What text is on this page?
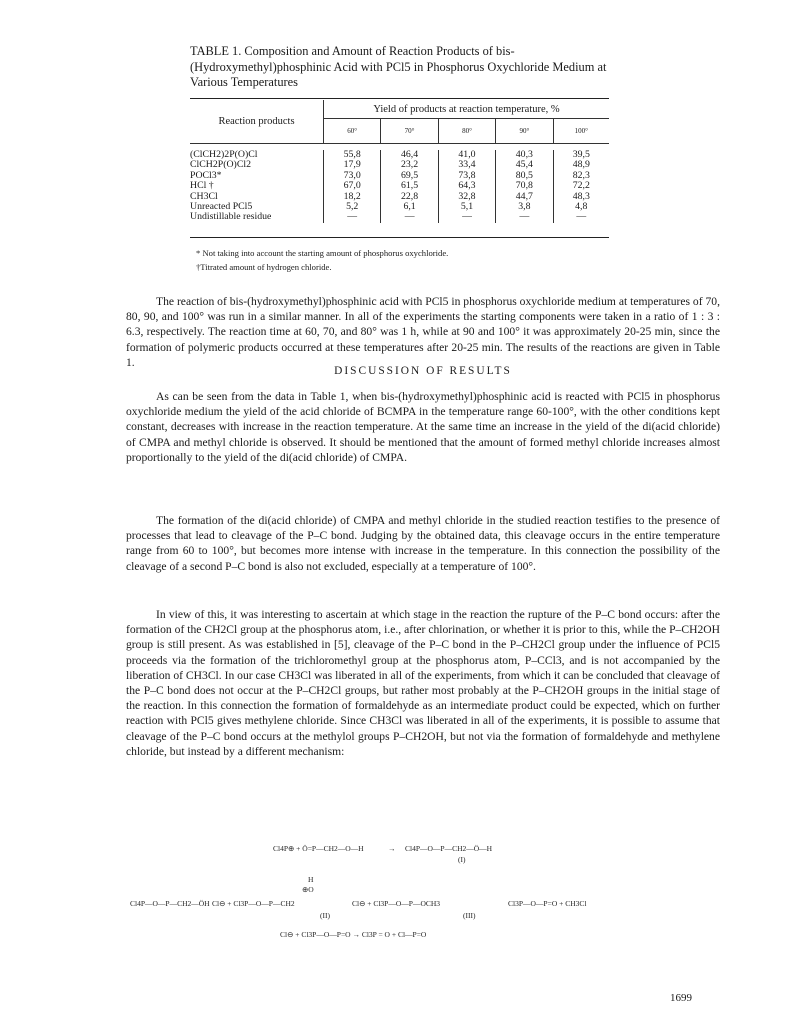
TABLE 1. Composition and Amount of Reaction Products of bis-(Hydroxymethyl)phosphinic Acid with PCl5 in Phosphorus Oxychloride Medium at Various Temperatures
Reaction products	Yield of products at reaction temperature, %				
	60°	70°	80°	90°	100°

(ClCH2)2P(O)Cl	55,8	46,4	41,0	40,3	39,5
ClCH2P(O)Cl2	17,9	23,2	33,4	45,4	48,9
POCl3*	73,0	69,5	73,8	80,5	82,3
HCl †	67,0	61,5	64,3	70,8	72,2
CH3Cl	18,2	22,8	32,8	44,7	48,3
Unreacted PCl5	5,2	6,1	5,1	3,8	4,8
Undistillable residue	—	—	—	—	—

* Not taking into account the starting amount of phosphorus oxychloride.
†Titrated amount of hydrogen chloride.
The reaction of bis-(hydroxymethyl)phosphinic acid with PCl5 in phosphorus oxychloride medium at temperatures of 70, 80, 90, and 100° was run in a similar manner. In all of the experiments the starting components were taken in a ratio of 1 : 3 : 6.3, respectively. The reaction time at 60, 70, and 80° was 1 h, while at 90 and 100° it was approximately 20-25 min, since the formation of polymeric products occurred at these temperatures after 20-25 min. The results of the reactions are given in Table 1.
DISCUSSION OF RESULTS
As can be seen from the data in Table 1, when bis-(hydroxymethyl)phosphinic acid is reacted with PCl5 in phosphorus oxychloride medium the yield of the acid chloride of BCMPA in the temperature range 60-100°, with the other conditions kept constant, decreases with increase in the reaction temperature. At the same time an increase in the yield of the di(acid chloride) of CMPA and methyl chloride is observed. It should be mentioned that the amount of formed methyl chloride increases almost proportionally to the yield of the di(acid chloride) of CMPA.
The formation of the di(acid chloride) of CMPA and methyl chloride in the studied reaction testifies to the presence of processes that lead to cleavage of the P–C bond. Judging by the obtained data, this cleavage occurs in the entire temperature range from 60 to 100°, but becomes more intense with increase in the temperature. In this connection the possibility of the cleavage of a second P–C bond is also not excluded, especially at a temperature of 100°.
In view of this, it was interesting to ascertain at which stage in the reaction the rupture of the P–C bond occurs: after the formation of the CH2Cl group at the phosphorus atom, i.e., after chlorination, or whether it is prior to this, while the P–CH2OH group is still present. As was established in [5], cleavage of the P–C bond in the P–CH2Cl group under the influence of PCl5 proceeds via the formation of the trichloromethyl group at the phosphorus atom, P–CCl3, and is not accompanied by the liberation of CH3Cl. In our case CH3Cl was liberated in all of the experiments, from which it can be concluded that cleavage of the P–C bond does not occur at the P–CH2Cl groups, but rather most probably at the P–CH2OH groups in the initial stage of the reaction. In this connection the formation of formaldehyde as an intermediate product could be expected, which on further reaction with PCl5 gives methylene chloride. Since CH3Cl was liberated in all of the experiments, it is possible to assume that cleavage of the P–C bond occurs at the methylol groups P–CH2OH, but not via the formation of formaldehyde and methylene chloride, but instead by a different mechanism:
Cl4P⊕ + Ö=P—CH2—O—H	→ Cl4P—O—P—CH2—Ö—H
(I)
H
⊕O
Cl4P—O—P—CH2—ÖH Cl⊖ + Cl3P—O—P—CH2	Cl⊖ + Cl3P—O—P—OCH3	Cl3P—O—P=O + CH3Cl
(II)	(III)
Cl⊖ + Cl3P—O—P=O → Cl3P = O + Cl—P=O
1699
